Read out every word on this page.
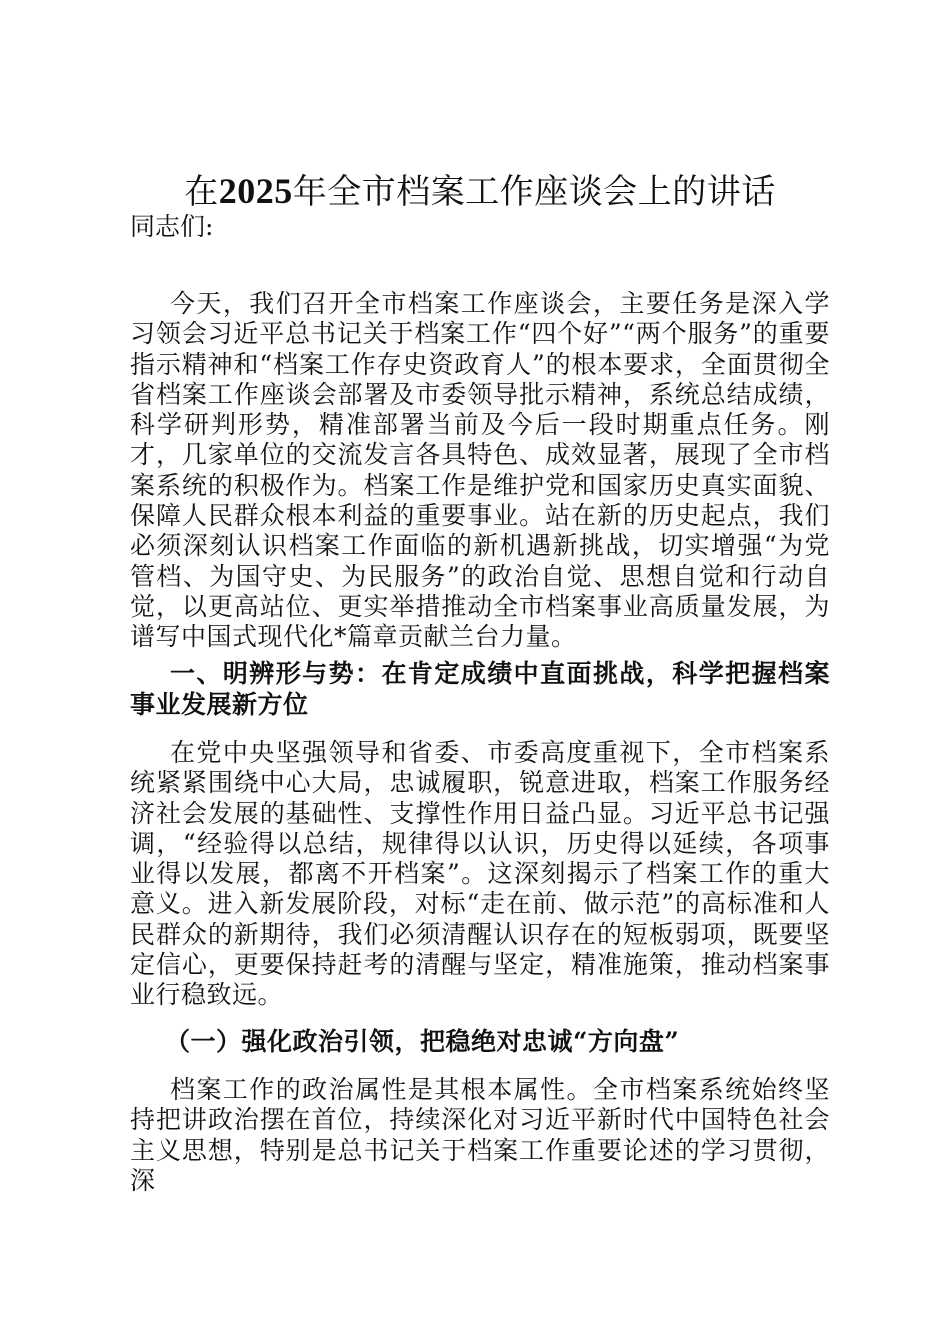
在2025年全市档案工作座谈会上的讲话

同志们:

今天，我们召开全市档案工作座谈会，主要任务是深入学习领会习近平总书记关于档案工作“四个好”“两个服务”的重要指示精神和“档案工作存史资政育人”的根本要求，全面贯彻全省档案工作座谈会部署及市委领导批示精神，系统总结成绩，科学研判形势，精准部署当前及今后一段时期重点任务。刚才，几家单位的交流发言各具特色、成效显著，展现了全市档案系统的积极作为。档案工作是维护党和国家历史真实面貌、保障人民群众根本利益的重要事业。站在新的历史起点，我们必须深刻认识档案工作面临的新机遇新挑战，切实增强“为党管档、为国守史、为民服务”的政治自觉、思想自觉和行动自觉，以更高站位、更实举措推动全市档案事业高质量发展，为谱写中国式现代化*篇章贡献兰台力量。

一、明辨形与势：在肯定成绩中直面挑战，科学把握档案事业发展新方位

在党中央坚强领导和省委、市委高度重视下，全市档案系统紧紧围绕中心大局，忠诚履职，锐意进取，档案工作服务经济社会发展的基础性、支撑性作用日益凸显。习近平总书记强调，“经验得以总结，规律得以认识，历史得以延续，各项事业得以发展，都离不开档案”。这深刻揭示了档案工作的重大意义。进入新发展阶段，对标“走在前、做示范”的高标准和人民群众的新期待，我们必须清醒认识存在的短板弱项，既要坚定信心，更要保持赶考的清醒与坚定，精准施策，推动档案事业行稳致远。

（一）强化政治引领，把稳绝对忠诚“方向盘”

档案工作的政治属性是其根本属性。全市档案系统始终坚持把讲政治摆在首位，持续深化对习近平新时代中国特色社会主义思想，特别是总书记关于档案工作重要论述的学习贯彻，深
